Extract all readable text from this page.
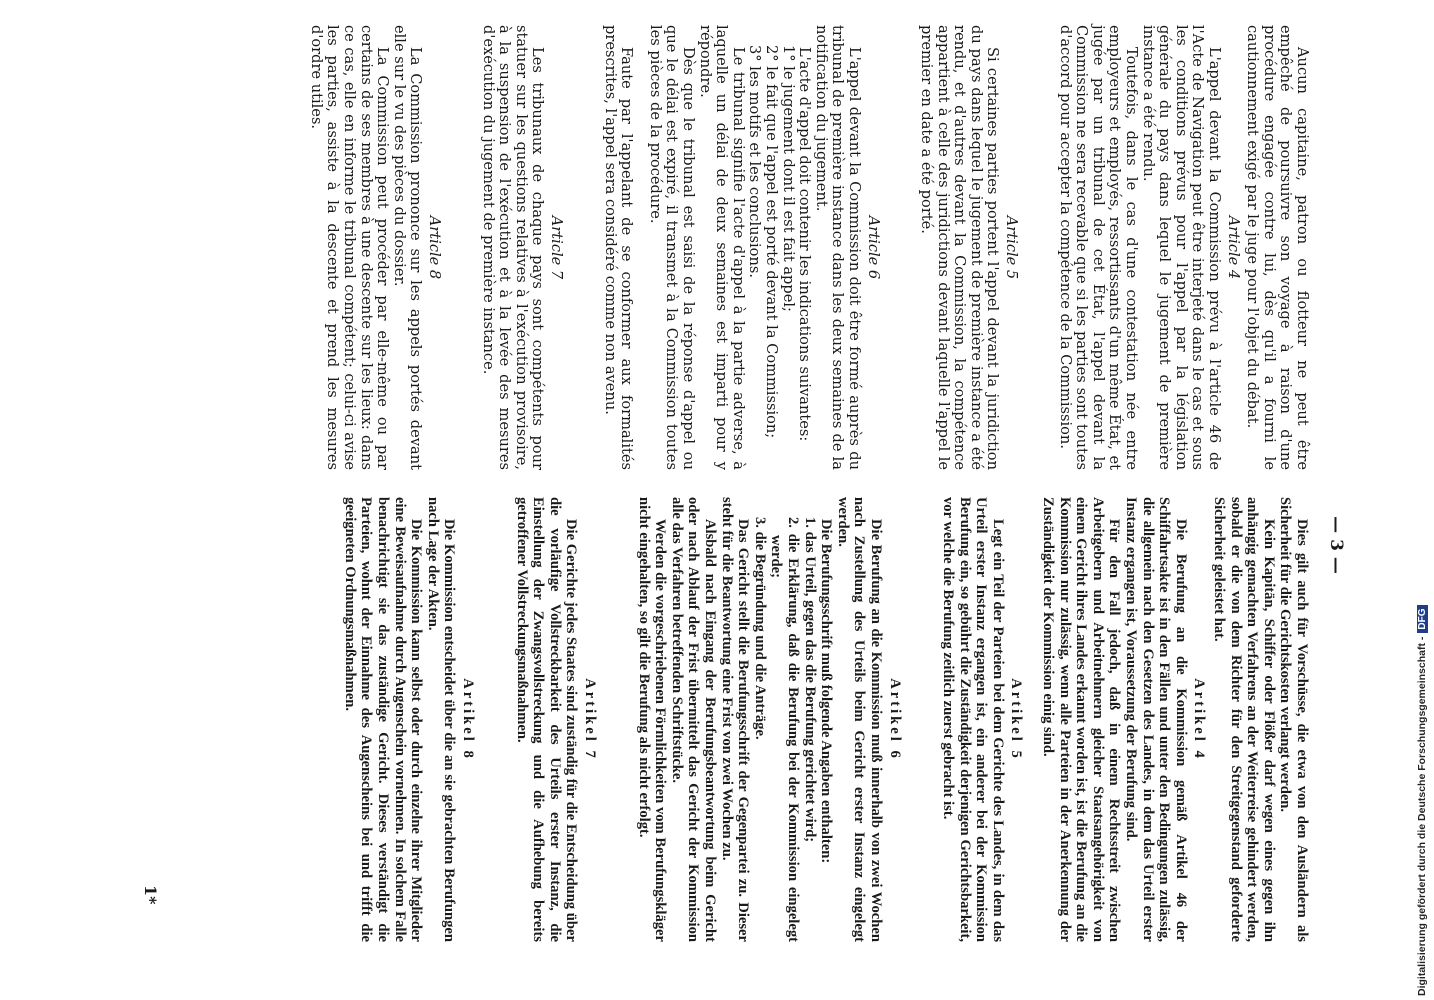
— 3 —

Aucun capitaine, patron ou flotteur ne peut être empêché de poursuivre son voyage à raison d'une procédure engagée contre lui, dès qu'il a fourni le cautionnement exigé par le juge pour l'objet du débat.

Article 4

L'appel devant la Commission prévu à l'article 46 de l'Acte de Navigation peut être interjeté dans le cas et sous les conditions prévus pour l'appel par la législation générale du pays dans lequel le jugement de première instance a été rendu.

Toutefois, dans le cas d'une contestation née entre employeurs et employés, ressortissants d'un même État, et jugée par un tribunal de cet État, l'appel devant la Commission ne sera recevable que si les parties sont toutes d'accord pour accepter la compétence de la Commission.

Article 5

Si certaines parties portent l'appel devant la juridiction du pays dans lequel le jugement de première instance a été rendu, et d'autres devant la Commission, la compétence appartient à celle des juridictions devant laquelle l'appel le premier en date a été porté.

Article 6

L'appel devant la Commission doit être formé auprès du tribunal de première instance dans les deux semaines de la notification du jugement.

L'acte d'appel doit contenir les indications suivantes:

1° le jugement dont il est fait appel;
2° le fait que l'appel est porté devant la Commission;
3° les motifs et les conclusions.

Le tribunal signifie l'acte d'appel à la partie adverse, à laquelle un délai de deux semaines est imparti pour y répondre.

Dès que le tribunal est saisi de la réponse d'appel ou que le délai est expiré, il transmet à la Commission toutes les pièces de la procédure.

Faute par l'appelant de se conformer aux formalités prescrites, l'appel sera considéré comme non avenu.

Article 7

Les tribunaux de chaque pays sont compétents pour statuer sur les questions relatives à l'exécution provisoire, à la suspension de l'exécution et à la levée des mesures d'exécution du jugement de première instance.

Article 8

La Commission prononce sur les appels portés devant elle sur le vu des pièces du dossier.

La Commission peut procéder par elle-même ou par certains de ses membres à une descente sur les lieux: dans ce cas, elle en informe le tribunal compétent; celui-ci avise les parties, assiste à la descente et prend les mesures d'ordre utiles.

Dies gilt auch für Vorschüsse, die etwa von den Ausländern als Sicherheit für die Gerichtskosten verlangt werden.

Kein Kapitän, Schiffer oder Flößer darf wegen eines gegen ihn anhängig gemachten Verfahrens an der Weiterreise gehindert werden, sobald er die von dem Richter für den Streitgegenstand geforderte Sicherheit geleistet hat.

Artikel 4

Die Berufung an die Kommission gemäß Artikel 46 der Schiffahrtsakte ist in den Fällen und unter den Bedingungen zulässig, die allgemein nach den Gesetzen des Landes, in dem das Urteil erster Instanz ergangen ist, Voraussetzung der Berufung sind.

Für den Fall jedoch, daß in einem Rechtsstreit zwischen Arbeitgebern und Arbeitnehmern gleicher Staatsangehörigkeit von einem Gericht ihres Landes erkannt worden ist, ist die Berufung an die Kommission nur zulässig, wenn alle Parteien in der Anerkennung der Zuständigkeit der Kommission einig sind.

Artikel 5

Legt ein Teil der Parteien bei dem Gerichte des Landes, in dem das Urteil erster Instanz ergangen ist, ein anderer bei der Kommission Berufung ein, so gebührt die Zuständigkeit derjenigen Gerichtsbarkeit, vor welche die Berufung zeitlich zuerst gebracht ist.

Artikel 6

Die Berufung an die Kommission muß innerhalb von zwei Wochen nach Zustellung des Urteils beim Gericht erster Instanz eingelegt werden.

Die Berufungsschrift muß folgende Angaben enthalten:

1. das Urteil, gegen das die Berufung gerichtet wird;
2. die Erklärung, daß die Berufung bei der Kommission eingelegt werde;
3. die Begründung und die Anträge.

Das Gericht stellt die Berufungsschrift der Gegenpartei zu. Dieser steht für die Beantwortung eine Frist von zwei Wochen zu.

Alsbald nach Eingang der Berufungsbeantwortung beim Gericht oder nach Ablauf der Frist übermittelt das Gericht der Kommission alle das Verfahren betreffenden Schriftstücke.

Werden die vorgeschriebenen Förmlichkeiten vom Berufungskläger nicht eingehalten, so gilt die Berufung als nicht erfolgt.

Artikel 7

Die Gerichte jedes Staates sind zuständig für die Entscheidung über die vorläufige Vollstreckbarkeit des Urteils erster Instanz, die Einstellung der Zwangsvollstreckung und die Aufhebung bereits getroffener Vollstreckungsmaßnahmen.

Artikel 8

Die Kommission entscheidet über die an sie gebrachten Berufungen nach Lage der Akten.

Die Kommission kann selbst oder durch einzelne ihrer Mitglieder eine Beweisaufnahme durch Augenschein vornehmen. In solchem Falle benachrichtigt sie das zuständige Gericht. Dieses verständigt die Parteien, wohnt der Einnahme des Augenscheins bei und trifft die geeigneten Ordnungsmaßnahmen.

1*	Digitalisierung gefördert durch die Deutsche Forschungsgemeinschaft -DFG
